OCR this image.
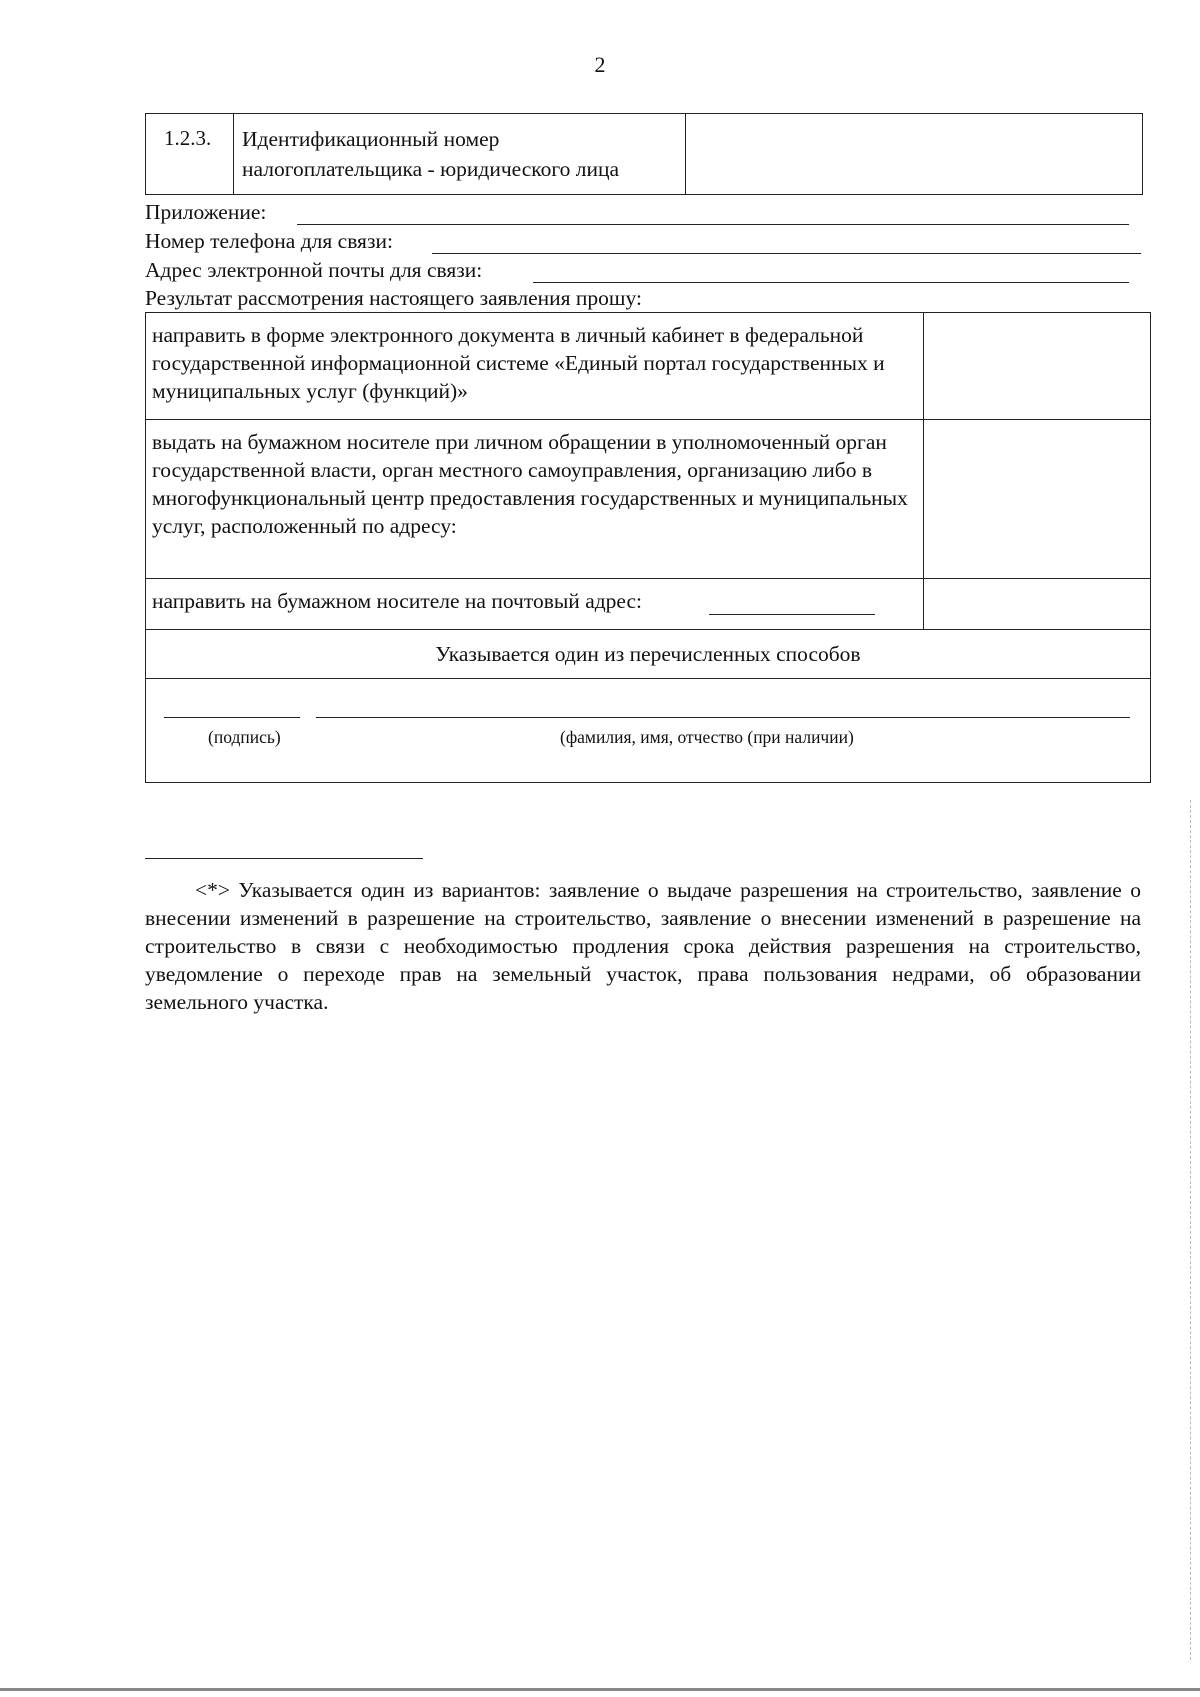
2
1.2.3.	Идентификационный номер
налогоплательщика - юридического лица
Приложение:
Номер телефона для связи:
Адрес электронной почты для связи:
Результат рассмотрения настоящего заявления прошу:
направить в форме электронного документа в личный кабинет в федеральной государственной информационной системе «Единый портал государственных и муниципальных услуг (функций)»
выдать на бумажном носителе при личном обращении в уполномоченный орган государственной власти, орган местного самоуправления, организацию либо в многофункциональный центр предоставления государственных и муниципальных услуг, расположенный по адресу:
направить на бумажном носителе на почтовый адрес:
Указывается один из перечисленных способов
(подпись)	(фамилия, имя, отчество (при наличии)
<*> Указывается один из вариантов: заявление о выдаче разрешения на строительство, заявление о внесении изменений в разрешение на строительство, заявление о внесении изменений в разрешение на строительство в связи с необходимостью продления срока действия разрешения на строительство, уведомление о переходе прав на земельный участок, права пользования недрами, об образовании земельного участка.
